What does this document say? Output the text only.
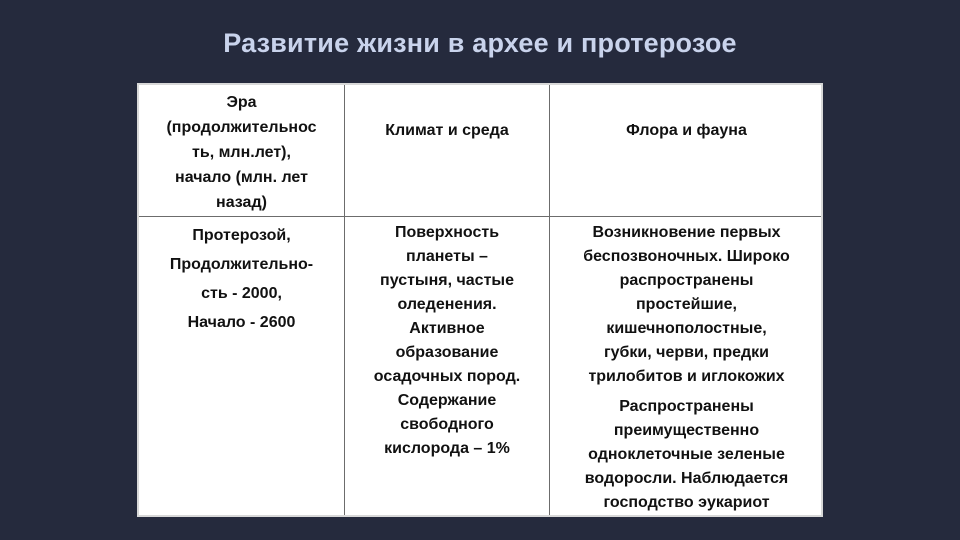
Развитие жизни в архее и протерозое
Эра
(продолжительнос
ть, млн.лет),
начало (млн. лет
назад)
Климат и среда	Флора и фауна
Протерозой,
Продолжительно-
сть - 2000,
Начало - 2600
Поверхность
планеты –
пустыня, частые
оледенения.
Активное
образование
осадочных пород.
Содержание
свободного
кислорода – 1%
Возникновение первых
беспозвоночных. Широко
распространены
простейшие,
кишечнополостные,
губки, черви, предки
трилобитов и иглокожих
Распространены
преимущественно
одноклеточные зеленые
водоросли. Наблюдается
господство эукариот
